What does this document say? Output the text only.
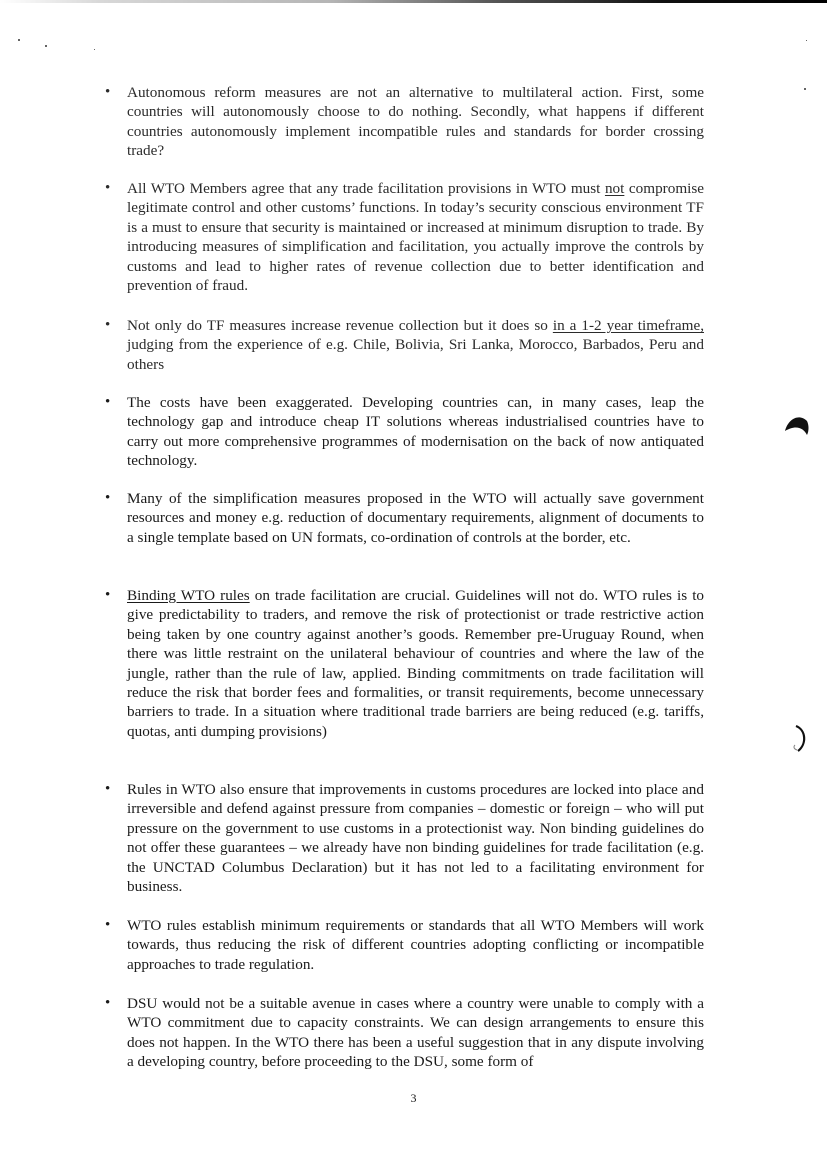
•	Autonomous reform measures are not an alternative to multilateral action. First, some countries will autonomously choose to do nothing. Secondly, what happens if different countries autonomously implement incompatible rules and standards for border crossing trade?
•	All WTO Members agree that any trade facilitation provisions in WTO must not compromise legitimate control and other customs’ functions. In today’s security conscious environment TF is a must to ensure that security is maintained or increased at minimum disruption to trade. By introducing measures of simplification and facilitation, you actually improve the controls by customs and lead to higher rates of revenue collection due to better identification and prevention of fraud.
•	Not only do TF measures increase revenue collection but it does so in a 1-2 year timeframe, judging from the experience of e.g. Chile, Bolivia, Sri Lanka, Morocco, Barbados, Peru and others
•	The costs have been exaggerated. Developing countries can, in many cases, leap the technology gap and introduce cheap IT solutions whereas industrialised countries have to carry out more comprehensive programmes of modernisation on the back of now antiquated technology.
•	Many of the simplification measures proposed in the WTO will actually save government resources and money e.g. reduction of documentary requirements, alignment of documents to a single template based on UN formats, co-ordination of controls at the border, etc.
•	Binding WTO rules on trade facilitation are crucial. Guidelines will not do. WTO rules is to give predictability to traders, and remove the risk of protectionist or trade restrictive action being taken by one country against another’s goods. Remember pre-Uruguay Round, when there was little restraint on the unilateral behaviour of countries and where the law of the jungle, rather than the rule of law, applied. Binding commitments on trade facilitation will reduce the risk that border fees and formalities, or transit requirements, become unnecessary barriers to trade. In a situation where traditional trade barriers are being reduced (e.g. tariffs, quotas, anti dumping provisions)
•	Rules in WTO also ensure that improvements in customs procedures are locked into place and irreversible and defend against pressure from companies – domestic or foreign – who will put pressure on the government to use customs in a protectionist way. Non binding guidelines do not offer these guarantees – we already have non binding guidelines for trade facilitation (e.g. the UNCTAD Columbus Declaration) but it has not led to a facilitating environment for business.
•	WTO rules establish minimum requirements or standards that all WTO Members will work towards, thus reducing the risk of different countries adopting conflicting or incompatible approaches to trade regulation.
•	DSU would not be a suitable avenue in cases where a country were unable to comply with a WTO commitment due to capacity constraints. We can design arrangements to ensure this does not happen. In the WTO there has been a useful suggestion that in any dispute involving a developing country, before proceeding to the DSU, some form of
3
